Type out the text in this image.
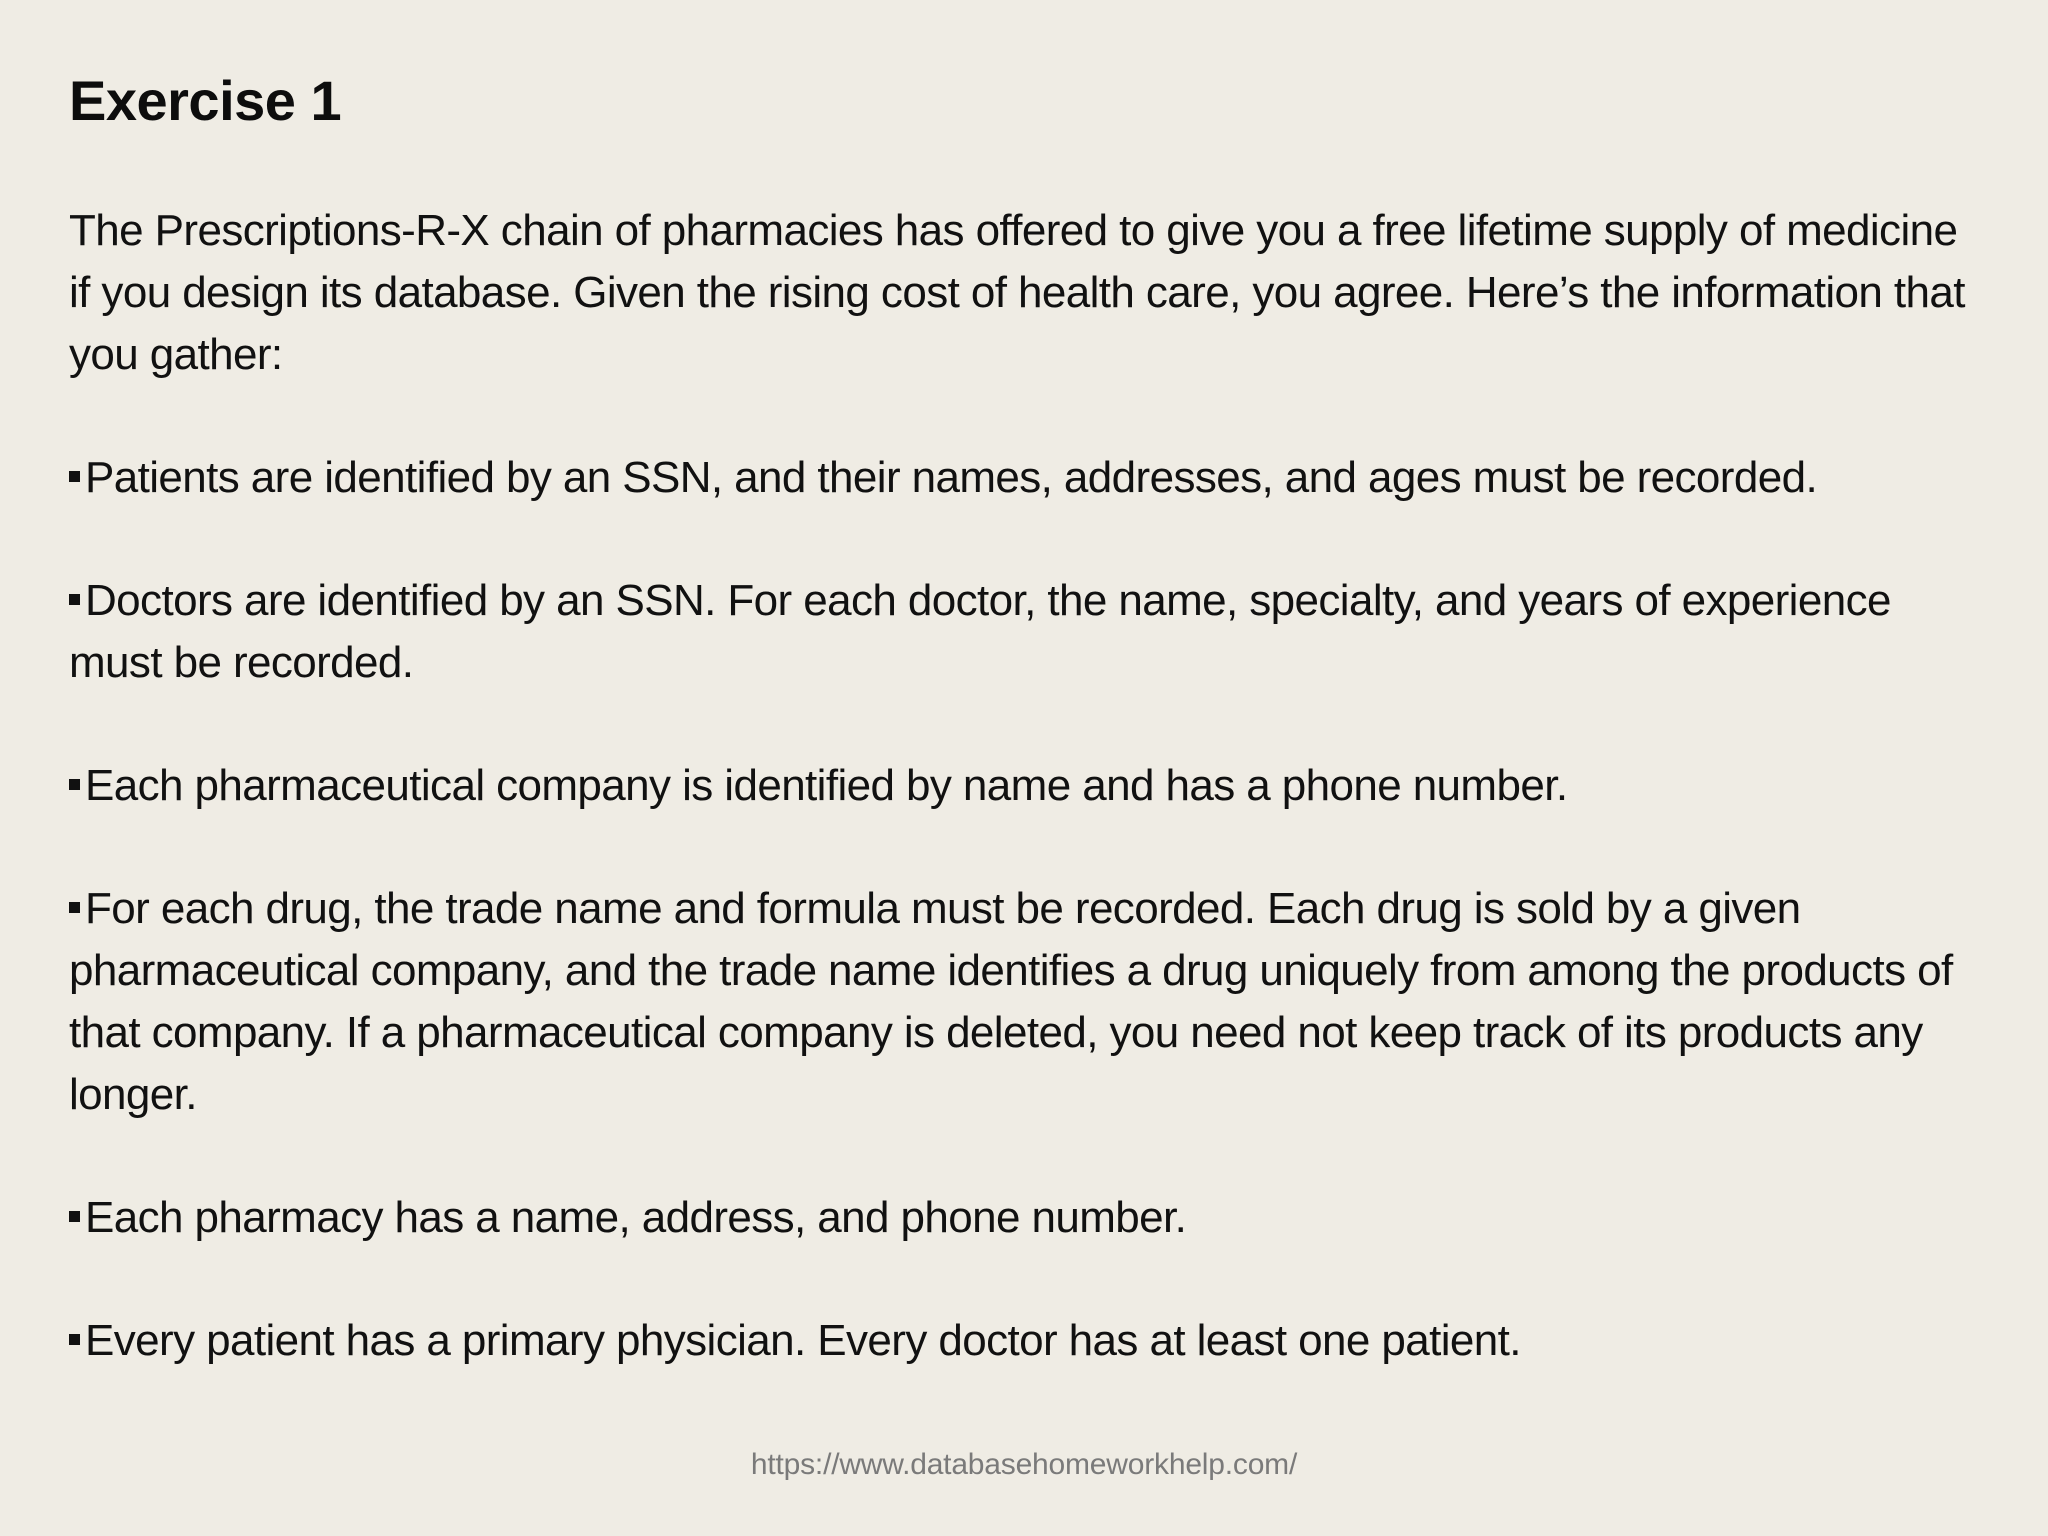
Exercise 1

The Prescriptions-R-X chain of pharmacies has offered to give you a free lifetime supply of medicine if you design its database. Given the rising cost of health care, you agree. Here’s the information that you gather:

Patients are identified by an SSN, and their names, addresses, and ages must be recorded.
Doctors are identified by an SSN. For each doctor, the name, specialty, and years of experience must be recorded.
Each pharmaceutical company is identified by name and has a phone number.
For each drug, the trade name and formula must be recorded. Each drug is sold by a given pharmaceutical company, and the trade name identifies a drug uniquely from among the products of that company. If a pharmaceutical company is deleted, you need not keep track of its products any longer.
Each pharmacy has a name, address, and phone number.
Every patient has a primary physician. Every doctor has at least one patient.
https://www.databasehomeworkhelp.com/
